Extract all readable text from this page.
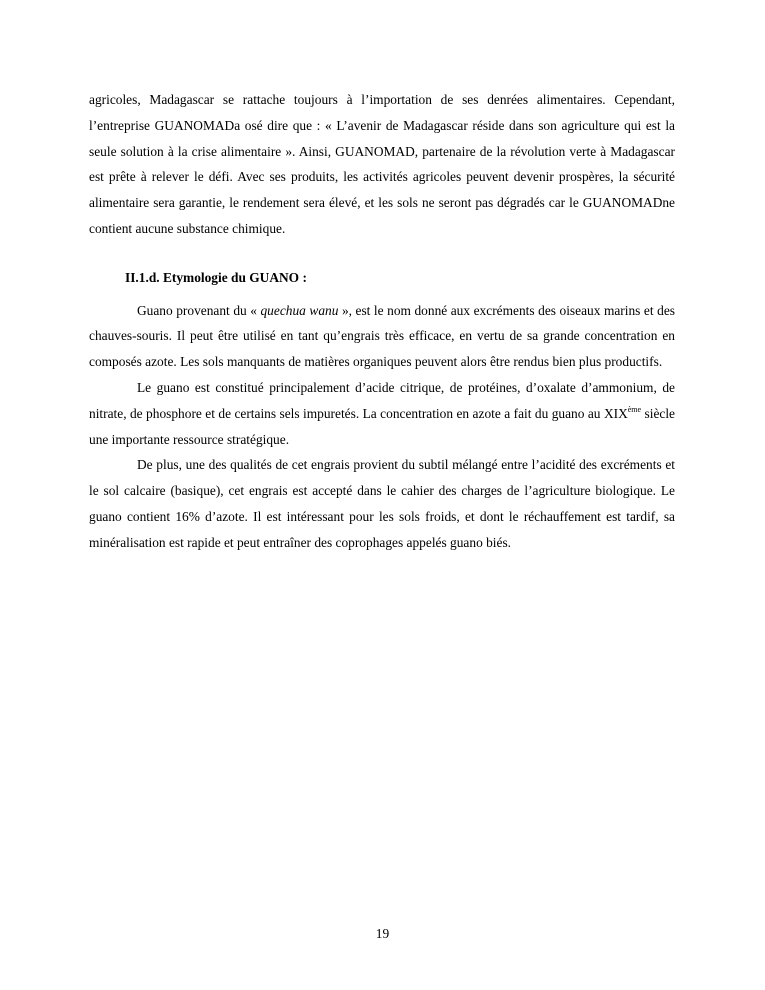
agricoles, Madagascar se rattache toujours à l’importation de ses denrées alimentaires. Cependant, l’entreprise GUANOMADa osé dire que : « L’avenir de Madagascar réside dans son agriculture qui est la seule solution à la crise alimentaire ». Ainsi, GUANOMAD, partenaire de la révolution verte à Madagascar est prête à relever le défi. Avec ses produits, les activités agricoles peuvent devenir prospères, la sécurité alimentaire sera garantie, le rendement sera élevé, et les sols ne seront pas dégradés car le GUANOMADne contient aucune substance chimique.

II.1.d. Etymologie du GUANO :

Guano provenant du « quechua wanu », est le nom donné aux excréments des oiseaux marins et des chauves-souris. Il peut être utilisé en tant qu’engrais très efficace, en vertu de sa grande concentration en composés azote. Les sols manquants de matières organiques peuvent alors être rendus bien plus productifs.

Le guano est constitué principalement d’acide citrique, de protéines, d’oxalate d’ammonium, de nitrate, de phosphore et de certains sels impuretés. La concentration en azote a fait du guano au XIXème siècle une importante ressource stratégique.

De plus, une des qualités de cet engrais provient du subtil mélangé entre l’acidité des excréments et le sol calcaire (basique), cet engrais est accepté dans le cahier des charges de l’agriculture biologique. Le guano contient 16% d’azote. Il est intéressant pour les sols froids, et dont le réchauffement est tardif, sa minéralisation est rapide et peut entraîner des coprophages appelés guano biés.

19
